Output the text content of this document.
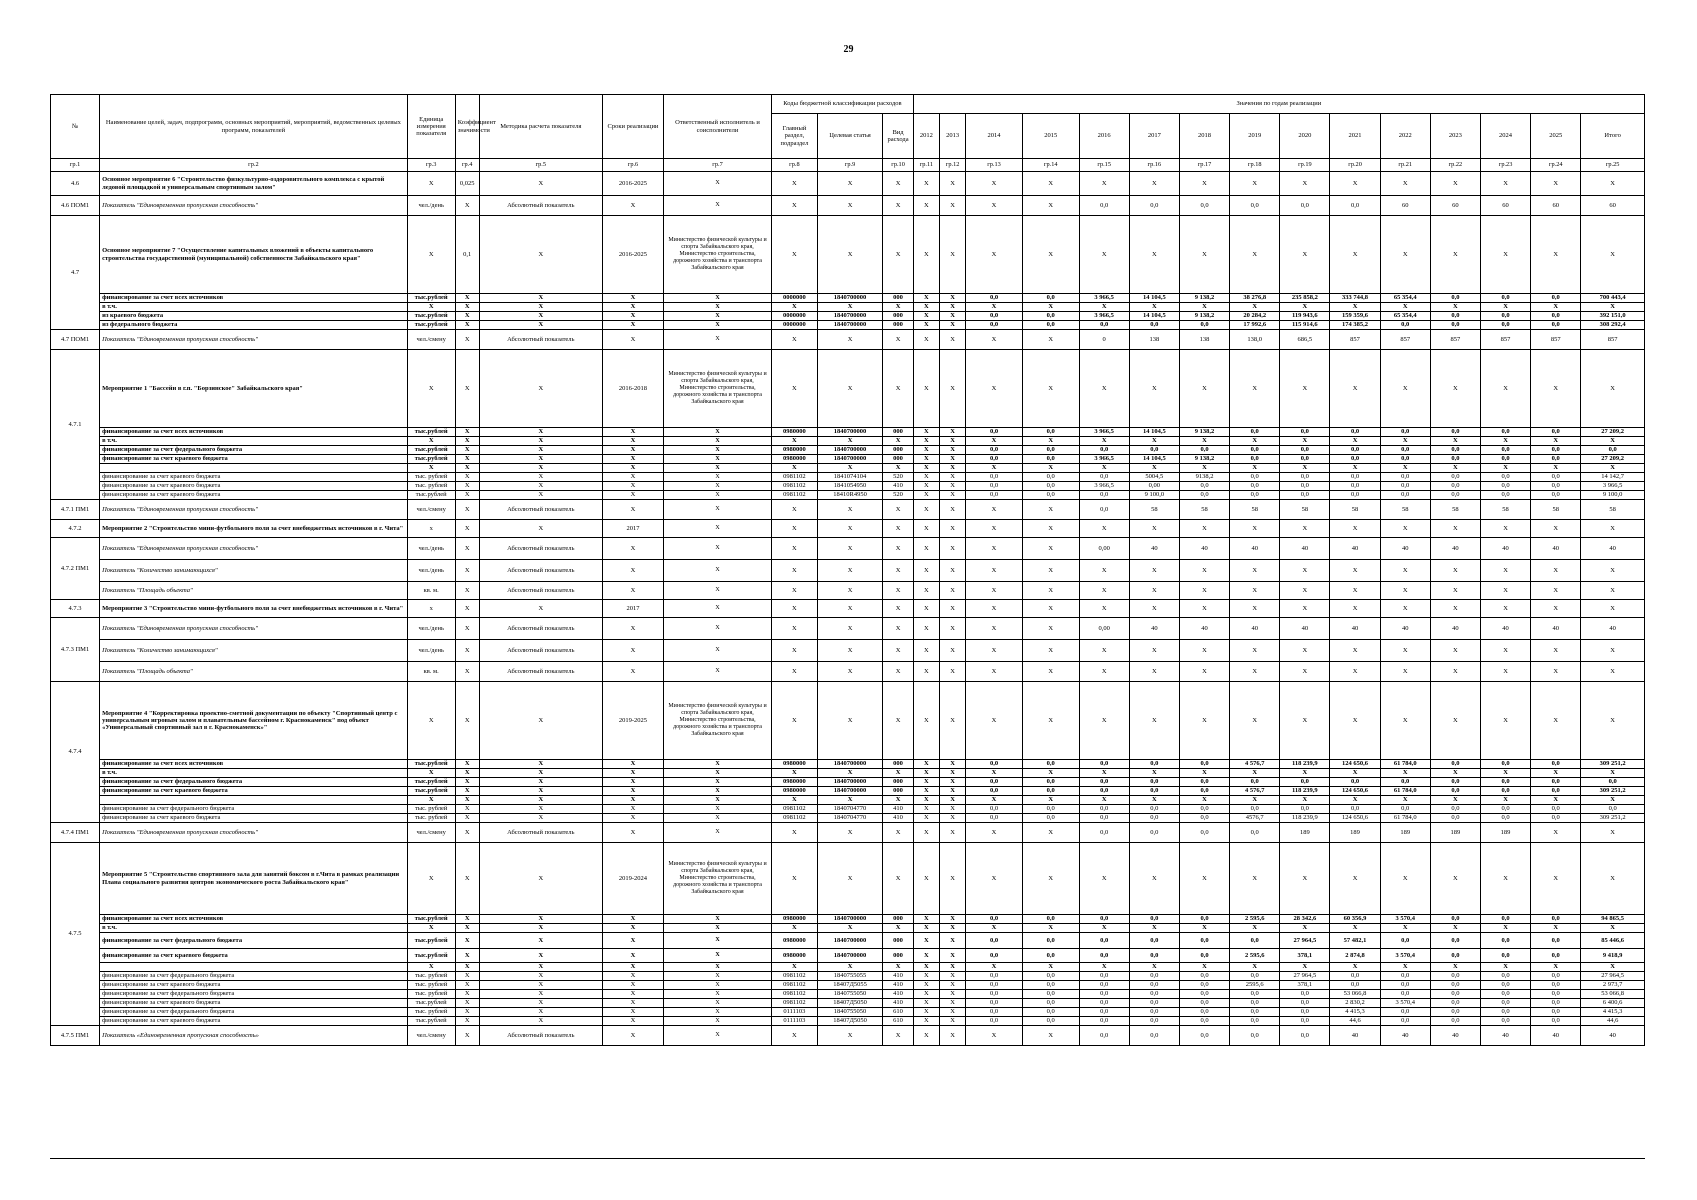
29
№	Наименование целей, задач, подпрограмм, основных мероприятий, мероприятий, ведомственных целевых программ, показателей	Единица измерения показателя	Коэффициент значимости	Методика расчета показателя	Сроки реализации	Ответственный исполнитель и соисполнители	Коды бюджетной классификации расходов			Значения по годам реализации														
							Главный раздел, подраздел	Целевая статья	Вид расхода	2012	2013	2014	2015	2016	2017	2018	2019	2020	2021	2022	2023	2024	2025	Итого
гр.1	гр.2	гр.3	гр.4	гр.5	гр.6	гр.7	гр.8	гр.9	гр.10	гр.11	гр.12	гр.13	гр.14	гр.15	гр.16	гр.17	гр.18	гр.19	гр.20	гр.21	гр.22	гр.23	гр.24	гр.25
4.6	Основное мероприятие 6 "Строительство физкультурно-оздоровительного комплекса с крытой ледовой площадкой и универсальным спортивным залом"	X	0,025	X	2016-2025	X	X	X	X	X	X	X	X	X	X	X	X	X	X	X	X	X	X	X
4.6 ПОМ1	Показатель "Единовременная пропускная способность"	чел./день	X	Абсолютный показатель	X	X	X	X	X	X	X	X	X	0,0	0,0	0,0	0,0	0,0	0,0	60	60	60	60	60
4.7	Основное мероприятие 7 "Осуществление капитальных вложений в объекты капитального строительства государственной (муниципальной) собственности Забайкальского края"	X	0,1	X	2016-2025	Министерство физической культуры и спорта Забайкальского края, Министерство строительства, дорожного хозяйства и транспорта Забайкальского края	X	X	X	X	X	X	X	X	X	X	X	X	X	X	X	X	X	X
	финансирование за счет всех источников	тыс.рублей	X	X	X	X	0000000	1840700000	000	X	X	0,0	0,0	3 966,5	14 104,5	9 138,2	38 276,8	235 858,2	333 744,8	65 354,4	0,0	0,0	0,0	700 443,4
	в т.ч.	X	X	X	X	X	X	X	X	X	X	X	X	X	X	X	X	X	X	X	X	X	X	X
	из краевого бюджета	тыс.рублей	X	X	X	X	0000000	1840700000	000	X	X	0,0	0,0	3 966,5	14 104,5	9 138,2	20 284,2	119 943,6	159 359,6	65 354,4	0,0	0,0	0,0	392 151,0
	из федерального бюджета	тыс.рублей	X	X	X	X	0000000	1840700000	000	X	X	0,0	0,0	0,0	0,0	0,0	17 992,6	115 914,6	174 385,2	0,0	0,0	0,0	0,0	308 292,4
4.7 ПОМ1	Показатель "Единовременная пропускная способность"	чел./смену	X	Абсолютный показатель	X	X	X	X	X	X	X	X	X	0	138	138	138,0	686,5	857	857	857	857	857	857
4.7.1	Мероприятие 1 "Бассейн в г.п. "Борзинское" Забайкальского края"	X	X	X	2016-2018	Министерство физической культуры и спорта Забайкальского края, Министерство строительства, дорожного хозяйства и транспорта Забайкальского края	X	X	X	X	X	X	X	X	X	X	X	X	X	X	X	X	X	X
	финансирование за счет всех источников	тыс.рублей	X	X	X	X	0980000	1840700000	000	X	X	0,0	0,0	3 966,5	14 104,5	9 138,2	0,0	0,0	0,0	0,0	0,0	0,0	0,0	27 209,2
	в т.ч.	X	X	X	X	X	X	X	X	X	X	X	X	X	X	X	X	X	X	X	X	X	X	X
	финансирование за счет федерального бюджета	тыс.рублей	X	X	X	X	0980000	1840700000	000	X	X	0,0	0,0	0,0	0,0	0,0	0,0	0,0	0,0	0,0	0,0	0,0	0,0	0,0
	финансирование за счет краевого бюджета	тыс.рублей	X	X	X	X	0980000	1840700000	000	X	X	0,0	0,0	3 966,5	14 104,5	9 138,2	0,0	0,0	0,0	0,0	0,0	0,0	0,0	27 209,2
		X	X	X	X	X	X	X	X	X	X	X	X	X	X	X	X	X	X	X	X	X	X	X
	финансирование за счет краевого бюджета	тыс. рублей	X	X	X	X	0981102	1841074104	520	X	X	0,0	0,0	0,0	5004,5	9138,2	0,0	0,0	0,0	0,0	0,0	0,0	0,0	14 142,7
	финансирование за счет краевого бюджета	тыс. рублей	X	X	X	X	0981102	1841054950	410	X	X	0,0	0,0	3 966,5	0,00	0,0	0,0	0,0	0,0	0,0	0,0	0,0	0,0	3 966,5
	финансирование за счет краевого бюджета	тыс.рублей	X	X	X	X	0981102	18410R4950	520	X	X	0,0	0,0	0,0	9 100,0	0,0	0,0	0,0	0,0	0,0	0,0	0,0	0,0	9 100,0
4.7.1 ПМ1	Показатель "Единовременная пропускная способность"	чел./смену	X	Абсолютный показатель	X	X	X	X	X	X	X	X	X	0,0	58	58	58	58	58	58	58	58	58	58
4.7.2	Мероприятие 2 "Строительство мини-футбольного поля за счет внебюджетных источников в г. Чита"	х	X	X	2017	X	X	X	X	X	X	X	X	X	X	X	X	X	X	X	X	X	X	X
4.7.2 ПМ1	Показатель "Единовременная пропускная способность"	чел./день	X	Абсолютный показатель	X	X	X	X	X	X	X	X	X	0,00	40	40	40	40	40	40	40	40	40	40
	Показатель "Количество занимающихся"	чел./день	X	Абсолютный показатель	X	X	X	X	X	X	X	X	X	X	X	X	X	X	X	X	X	X	X	X
	Показатель "Площадь объекта"	кв. м.	X	Абсолютный показатель	X	X	X	X	X	X	X	X	X	X	X	X	X	X	X	X	X	X	X	X
4.7.3	Мероприятие 3 "Строительство мини-футбольного поля за счет внебюджетных источников в г. Чита"	х	X	X	2017	X	X	X	X	X	X	X	X	X	X	X	X	X	X	X	X	X	X	X
4.7.3 ПМ1	Показатель "Единовременная пропускная способность"	чел./день	X	Абсолютный показатель	X	X	X	X	X	X	X	X	X	0,00	40	40	40	40	40	40	40	40	40	40
	Показатель "Количество занимающихся"	чел./день	X	Абсолютный показатель	X	X	X	X	X	X	X	X	X	X	X	X	X	X	X	X	X	X	X	X
	Показатель "Площадь объекта"	кв. м.	X	Абсолютный показатель	X	X	X	X	X	X	X	X	X	X	X	X	X	X	X	X	X	X	X	X
4.7.4	Мероприятие 4 "Корректировка проектно-сметной документации по объекту "Спортивный центр с универсальным игровым залом и плавательным бассейном г. Краснокаменск" под объект «Универсальный спортивный зал в г. Краснокаменск»"	X	X	X	2019-2025	Министерство физической культуры и спорта Забайкальского края, Министерство строительства, дорожного хозяйства и транспорта Забайкальского края	X	X	X	X	X	X	X	X	X	X	X	X	X	X	X	X	X	X
	финансирование за счет всех источников	тыс.рублей	X	X	X	X	0980000	1840700000	000	X	X	0,0	0,0	0,0	0,0	0,0	4 576,7	118 239,9	124 650,6	61 784,0	0,0	0,0	0,0	309 251,2
	в т.ч.	X	X	X	X	X	X	X	X	X	X	X	X	X	X	X	X	X	X	X	X	X	X	X
	финансирование за счет федерального бюджета	тыс.рублей	X	X	X	X	0980000	1840700000	000	X	X	0,0	0,0	0,0	0,0	0,0	0,0	0,0	0,0	0,0	0,0	0,0	0,0	0,0
	финансирование за счет краевого бюджета	тыс.рублей	X	X	X	X	0980000	1840700000	000	X	X	0,0	0,0	0,0	0,0	0,0	4 576,7	118 239,9	124 650,6	61 784,0	0,0	0,0	0,0	309 251,2
		X	X	X	X	X	X	X	X	X	X	X	X	X	X	X	X	X	X	X	X	X	X	X
	финансирование за счет федерального бюджета	тыс. рублей	X	X	X	X	0981102	1840704770	410	X	X	0,0	0,0	0,0	0,0	0,0	0,0	0,0	0,0	0,0	0,0	0,0	0,0	0,0
	финансирование за счет краевого бюджета	тыс. рублей	X	X	X	X	0981102	1840704770	410	X	X	0,0	0,0	0,0	0,0	0,0	4576,7	118 239,9	124 650,6	61 784,0	0,0	0,0	0,0	309 251,2
4.7.4 ПМ1	Показатель "Единовременная пропускная способность"	чел./смену	X	Абсолютный показатель	X	X	X	X	X	X	X	X	X	0,0	0,0	0,0	0,0	189	189	189	189	189	X	X
4.7.5	Мероприятие 5 "Строительство спортивного зала для занятий боксом в г.Чита в рамках реализации Плана социального развития центров экономического роста Забайкальского края"	X	X	X	2019-2024	Министерство физической культуры и спорта Забайкальского края, Министерство строительства, дорожного хозяйства и транспорта Забайкальского края	X	X	X	X	X	X	X	X	X	X	X	X	X	X	X	X	X	X
	финансирование за счет всех источников	тыс.рублей	X	X	X	X	0980000	1840700000	000	X	X	0,0	0,0	0,0	0,0	0,0	2 595,6	28 342,6	60 356,9	3 570,4	0,0	0,0	0,0	94 865,5
	в т.ч.	X	X	X	X	X	X	X	X	X	X	X	X	X	X	X	X	X	X	X	X	X	X	X
	финансирование за счет федерального бюджета	тыс.рублей	X	X	X	X	0980000	1840700000	000	X	X	0,0	0,0	0,0	0,0	0,0	0,0	27 964,5	57 482,1	0,0	0,0	0,0	0,0	85 446,6
	финансирование за счет краевого бюджета	тыс.рублей	X	X	X	X	0980000	1840700000	000	X	X	0,0	0,0	0,0	0,0	0,0	2 595,6	378,1	2 874,8	3 570,4	0,0	0,0	0,0	9 418,9
		X	X	X	X	X	X	X	X	X	X	X	X	X	X	X	X	X	X	X	X	X	X	X
	финансирование за счет федерального бюджета	тыс. рублей	X	X	X	X	0981102	1840755055	410	X	X	0,0	0,0	0,0	0,0	0,0	0,0	27 964,5	0,0	0,0	0,0	0,0	0,0	27 964,5
	финансирование за счет краевого бюджета	тыс. рублей	X	X	X	X	0981102	18407Д5055	410	X	X	0,0	0,0	0,0	0,0	0,0	2595,6	378,1	0,0	0,0	0,0	0,0	0,0	2 973,7
	финансирование за счет федерального бюджета	тыс. рублей	X	X	X	X	0981102	1840755050	410	X	X	0,0	0,0	0,0	0,0	0,0	0,0	0,0	53 066,8	0,0	0,0	0,0	0,0	53 066,8
	финансирование за счет краевого бюджета	тыс.рублей	X	X	X	X	0981102	18407Д5050	410	X	X	0,0	0,0	0,0	0,0	0,0	0,0	0,0	2 830,2	3 570,4	0,0	0,0	0,0	6 400,6
	финансирование за счет федерального бюджета	тыс. рублей	X	X	X	X	0111103	1840755050	610	X	X	0,0	0,0	0,0	0,0	0,0	0,0	0,0	4 415,3	0,0	0,0	0,0	0,0	4 415,3
	финансирование за счет краевого бюджета	тыс.рублей	X	X	X	X	0111103	18407Д5050	610	X	X	0,0	0,0	0,0	0,0	0,0	0,0	0,0	44,6	0,0	0,0	0,0	0,0	44,6
4.7.5 ПМ1	Показатель «Единовременная пропускная способность»	чел./смену	X	Абсолютный показатель	X	X	X	X	X	X	X	X	X	0,0	0,0	0,0	0,0	0,0	40	40	40	40	40	40
